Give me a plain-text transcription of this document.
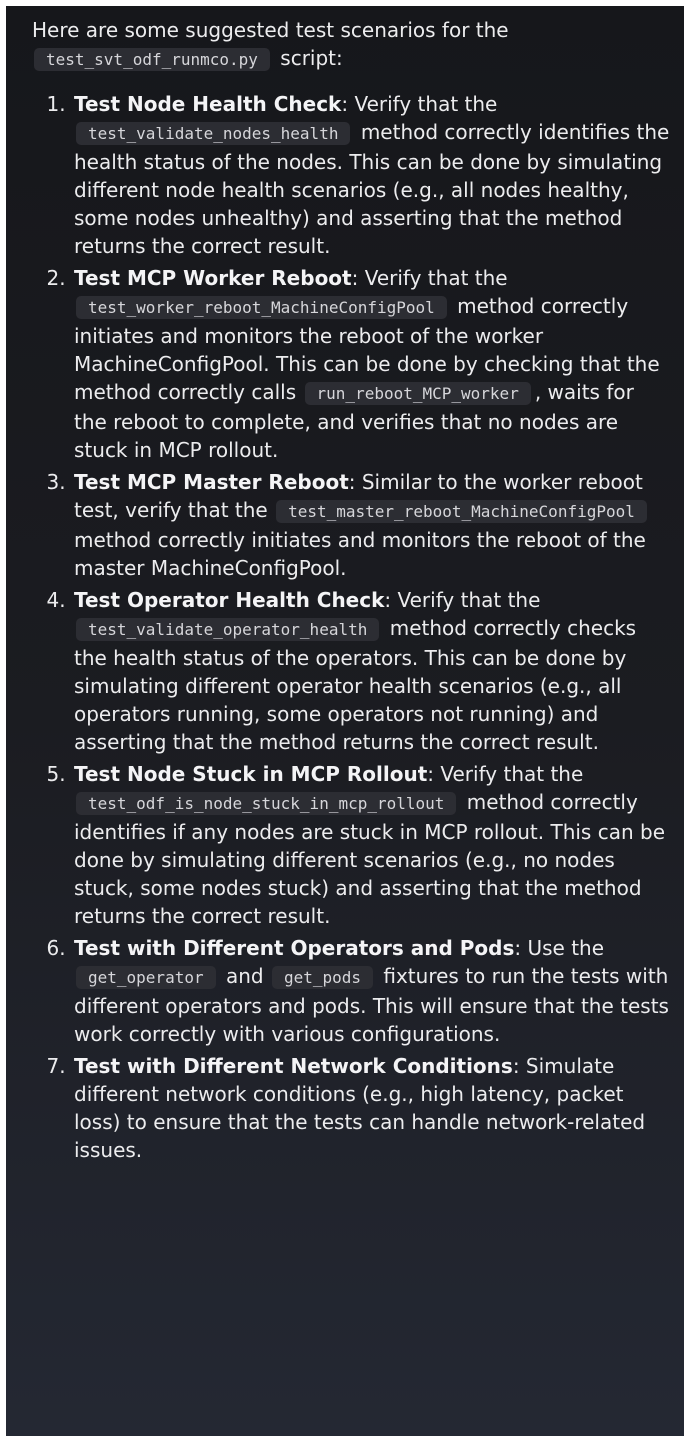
Here are some suggested test scenarios for the test_svt_odf_runmco.py script:

1. Test Node Health Check: Verify that the test_validate_nodes_health method correctly identifies the health status of the nodes. This can be done by simulating different node health scenarios (e.g., all nodes healthy, some nodes unhealthy) and asserting that the method returns the correct result.
2. Test MCP Worker Reboot: Verify that the test_worker_reboot_MachineConfigPool method correctly initiates and monitors the reboot of the worker MachineConfigPool. This can be done by checking that the method correctly calls run_reboot_MCP_worker , waits for the reboot to complete, and verifies that no nodes are stuck in MCP rollout.
3. Test MCP Master Reboot: Similar to the worker reboot test, verify that the test_master_reboot_MachineConfigPool method correctly initiates and monitors the reboot of the master MachineConfigPool.
4. Test Operator Health Check: Verify that the test_validate_operator_health method correctly checks the health status of the operators. This can be done by simulating different operator health scenarios (e.g., all operators running, some operators not running) and asserting that the method returns the correct result.
5. Test Node Stuck in MCP Rollout: Verify that the test_odf_is_node_stuck_in_mcp_rollout method correctly identifies if any nodes are stuck in MCP rollout. This can be done by simulating different scenarios (e.g., no nodes stuck, some nodes stuck) and asserting that the method returns the correct result.
6. Test with Different Operators and Pods: Use the get_operator and get_pods fixtures to run the tests with different operators and pods. This will ensure that the tests work correctly with various configurations.
7. Test with Different Network Conditions: Simulate different network conditions (e.g., high latency, packet loss) to ensure that the tests can handle network-related issues.
